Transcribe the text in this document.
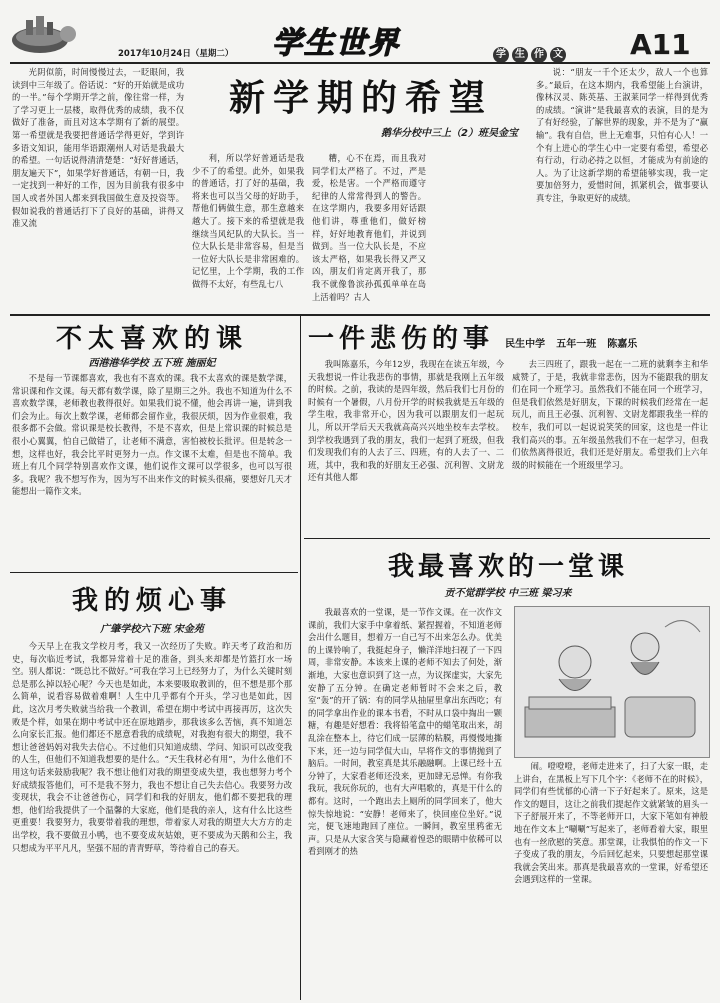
2017年10月24日（星期二） 学生世界	学 生 作 文 A11
光阴似箭，时间慢慢过去，一眨眼间，我读到中三年级了。俗话说：“好的开始就是成功的一半。”每个学期开学之前，像往常一样，为了学习更上一层楼，取得优秀的成绩，我不仅做好了准备，而且对这本学期有了新的展望。第一希望就是我要把普通话学得更好，学到许多语文知识，能用华语跟潮州人对话是我最大的希望。一句话说得清清楚楚：“好好普通话，朋友遍天下”，如果学好普通话，有朝一日，我一定找到一种好的工作，因为目前我有很多中国人或者外国人都来到我国做生意及投资等。假如说我的普通话打下了良好的基础，讲得又准又流
新学期的希望
鹅华分校中三上（2）班吴金宝
利，所以学好普通话是我少不了的希望。此外，如果我的普通话，打了好的基础，我将来也可以当父母的好助手，帮他们俩做生意，那生意越来越大了。接下来的希望就是我继续当风纪队的大队长。当一位大队长是非常容易，但是当一位好大队长是非常困难的。记忆里，上个学期，我的工作做得不太好，有些乱七八
糟，心不在焉，而且我对同学们太严格了。不过，严是爱，松是害。一个严格而遵守纪律的人常常得到人的警告。在这学期内，我要多用好话跟他们讲，尊重他们，做好榜样，好好地教育他们，并说到做到。当一位大队长是，不应该太严格，如果我长得又严又凶，朋友们肯定离开我了，那我不就像鲁滨孙孤孤单单在岛上活着吗？古人
说：“朋友一千个还太少，敌人一个也算多。”最后，在这本期内，我希望能上台演讲，像林汉灵、陈英基、王淑莱同学一样得到优秀的成绩。“演讲”是我最喜欢的表演，目的是为了有好经验，了解世界的现象，并不是为了“赢输”。我有自信，世上无难事，只怕有心人！一个有上进心的学生心中一定要有希望，希望必有行动，行动必持之以恒，才能成为有前途的人。为了让这新学期的希望能够实现，我一定要加倍努力，爱惜时间，抓紧机会，做事要认真专注，争取更好的成绩。
不太喜欢的课
西港港华学校 五下班 施丽妃
不是每一节课都喜欢，我也有不喜欢的课。我不太喜欢的课是数学课，常识课和作文课。每天都有数学课，除了星期三之外。我也不知道为什么不喜欢数学课，老师教也教得很好。如果我们说不懂，他会再讲一遍，讲到我们会为止。每次上数学课，老师都会留作业，我很厌烦，因为作业很难，我很多都不会做。常识课是校长教得，不是不喜欢，但是上常识课的时候总是很小心翼翼，怕自己做错了，让老师不满意，害怕被校长批评。但是转念一想，这样也好，我会比平时更努力一点。作文课不太难，但是也不简单。我班上有几个同学特别喜欢作文课，他们说作文课可以学很多，也可以写很多。我呢？我不想写作为，因为写不出来作文的时候头很痛，要想好几天才能想出一篇作文来。
我的烦心事
广肇学校六下班 宋金苑
今天早上在我文学校月考，我又一次经历了失败。昨天考了政治和历史，每次临近考试，我都异常着十足的准备，到头来却都是竹篮打水一场空。别人都说：“既总比不做好。”可我在学习上已经努力了，为什么关键时刻总是那么掉以轻心呢？今天也是如此，本来要吸取教训的，但不想是那个那么简单，说看容易做着难啊！人生中几乎都有个开头，学习也是如此，因此，这次月考失败就当给我一个教训，希望在期中考试中再接再厉，这次失败是个样，如果在期中考试中还在原地踏步，那我该多么苦恼，真不知道怎么向家长汇报。他们都还不愿意看我的成绩呢，对我抱有很大的期望，我不想让爸爸妈妈对我失去信心。不过他们只知道成绩、学问、知识可以改变我的人生，但他们不知道我想要的是什么。“天生我材必有用”，为什么他们不用这句话来鼓励我呢？我不想让他们对我的期望变成失望，我也想努力考个好成绩报答他们，可不是我不努力，我也不想让自己失去信心。我要努力改变现状，我会不让爸爸伤心，同学们和我的好朋友，他们都不要把我的理想，他们给我提供了一个温馨的大家庭，他们是我的亲人，这有什么比这些更重要！我要努力，我要带着我的理想，带着家人对我的期望大大方方的走出学校，我不要做丑小鸭，也不要变成灰姑娘，更不要成为天鹅和公主，我只想成为平平凡凡，坚强不屈的青青野草，等待着自己的春天。
一件悲伤的事 民生中学 五年一班 陈嘉乐
我叫陈嘉乐，今年12岁，我现在在读五年级，今天我想说一件让我悲伤的事情，那就是我刚上五年级的时候。之前，我读的是四年级，然后我们七月份的时候有一个暑假，八月份开学的时候我就是五年级的学生啦，我非常开心，因为我可以跟朋友们一起玩儿，所以开学后天天我就高高兴兴地坐校车去学校。到学校我遇到了我的朋友，我们一起到了班级，但我们发现我们有的人去了三、四班，有的人去了一、二班，其中，我和我的好朋友王必强、沉利智、文尉龙还有其他人都
去三四班了，跟我一起在一二班的就剩李主和华威赞了，于是，我就非常悲伤，因为不能跟我的朋友们在同一个班学习。虽然我们不能在同一个班学习，但是我们依然是好朋友，下课的时候我们经常在一起玩儿，而且王必强、沉利智、文尉龙都跟我坐一样的校车，我们可以一起说说笑笑的回家，这也是一件让我们高兴的事。五年级虽然我们不在一起学习，但我们依然离得很近，我们还是好朋友。希望我们上六年级的时候能在一个班级里学习。
我最喜欢的一堂课
贡不觉群学校 中三班 梁习来
我最喜欢的一堂课，是一节作文课。在一次作文课前，我们大家手中拿着纸、紧捏握着，不知道老师会出什么题目，想着万一自己写不出来怎么办。优美的上课铃响了，我挺起身子，懒洋洋地扫视了一下四周，非常安静。本该来上课的老师不知去了何处，渐渐地，大家也意识到了这一点，为议探虚实，大家先安静了五分钟。在确定老师暂时不会来之后，教室“轰”的开了锅：有的同学从抽屉里拿出东西吃；有的同学拿出作业的课本书看，不时从口袋中掏出一颗糖，有趣是好想看：我将铅笔盒中的蜡笔取出来，胡乱涂在整本上，待它们成一层薄的粘膜，再慢慢地撕下来，还一边与同学侃大山，早将作文的事情抛到了脑后。一时间，教室真是其乐融融啊。上课已经十五分钟了，大家看老师还没来，更加肆无忌惮。有你我我玩，我玩你玩的，也有大声唱歌的，真是干什么的都有。这时，一个跑出去上厕所的同学回来了，他大惊失惊地说：“安静！老师来了，快回座位坐好。”说完，便飞速地跑回了座位。一瞬间，教室里鸦雀无声。只是从大家含笑与隐藏着惶恐的眼睛中依稀可以看到刚才的热
闹。噔噔噔，老师走进来了，扫了大家一眼，走上讲台，在黑板上写下几个字：《老师不在的时候》，同学们有些忧郁的心清一下子好起来了。原来，这是作文的题目，这让之前我们提起作文就紧皱的眉头一下子舒展开来了，不等老师开口，大家下笔如有神般地在作文本上“唰唰”写起来了，老师看着大家，眼里也有一丝欣慰的笑意。那堂课，让我惧怕的作文一下子变成了我的朋友，今后回忆起来，只要想起那堂课我就会笑出来。那真是我最喜欢的一堂课，好希望还会遇到这样的一堂课。
